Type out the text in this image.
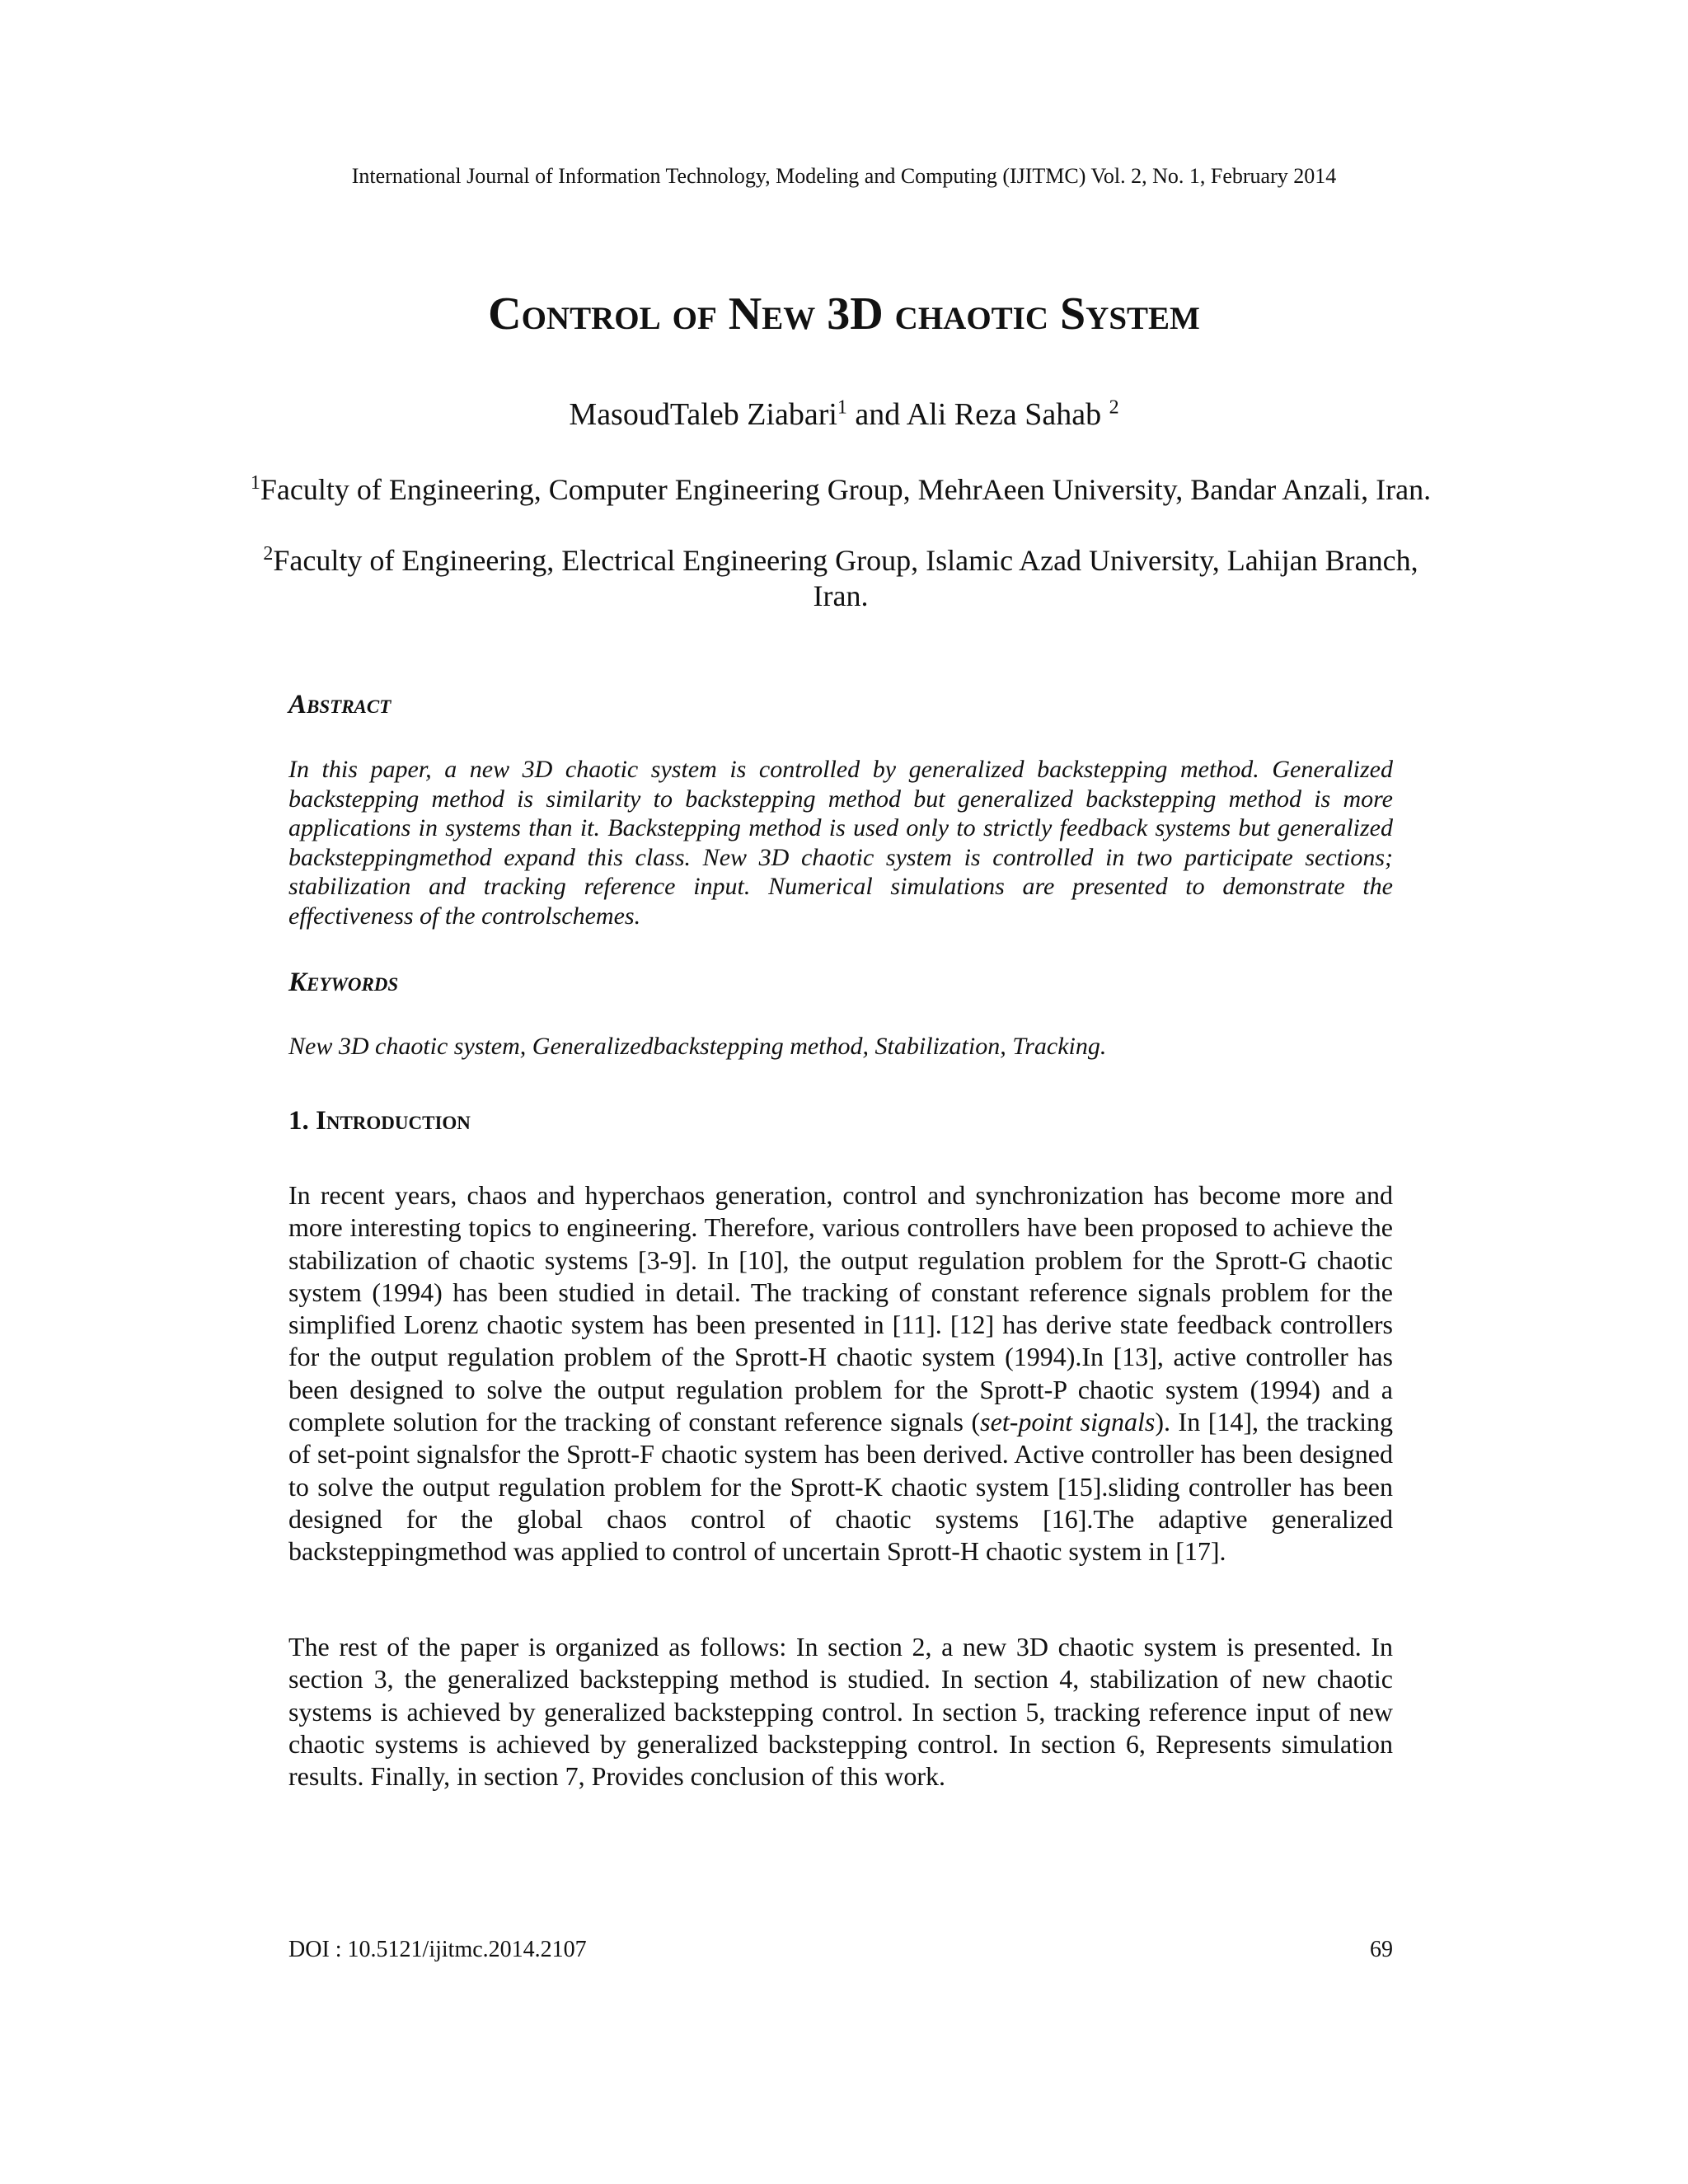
International Journal of Information Technology, Modeling and Computing (IJITMC) Vol. 2, No. 1, February 2014
Control of New 3D chaotic System
MasoudTaleb Ziabari$^1$ and Ali Reza Sahab $^2$
$^1$Faculty of Engineering, Computer Engineering Group, MehrAeen University, Bandar Anzali, Iran.
$^2$Faculty of Engineering, Electrical Engineering Group, Islamic Azad University, Lahijan Branch, Iran.
Abstract
In this paper, a new 3D chaotic system is controlled by generalized backstepping method. Generalized backstepping method is similarity to backstepping method but generalized backstepping method is more applications in systems than it. Backstepping method is used only to strictly feedback systems but generalized backsteppingmethod expand this class. New 3D chaotic system is controlled in two participate sections; stabilization and tracking reference input. Numerical simulations are presented to demonstrate the effectiveness of the controlschemes.
Keywords
New 3D chaotic system, Generalizedbackstepping method, Stabilization, Tracking.
1. Introduction
In recent years, chaos and hyperchaos generation, control and synchronization has become more and more interesting topics to engineering. Therefore, various controllers have been proposed to achieve the stabilization of chaotic systems [3-9]. In [10], the output regulation problem for the Sprott-G chaotic system (1994) has been studied in detail. The tracking of constant reference signals problem for the simplified Lorenz chaotic system has been presented in [11]. [12] has derive state feedback controllers for the output regulation problem of the Sprott-H chaotic system (1994).In [13], active controller has been designed to solve the output regulation problem for the Sprott-P chaotic system (1994) and a complete solution for the tracking of constant reference signals (set-point signals). In [14], the tracking of set-point signalsfor the Sprott-F chaotic system has been derived. Active controller has been designed to solve the output regulation problem for the Sprott-K chaotic system [15].sliding controller has been designed for the global chaos control of chaotic systems [16].The adaptive generalized backsteppingmethod was applied to control of uncertain Sprott-H chaotic system in [17].
The rest of the paper is organized as follows: In section 2, a new 3D chaotic system is presented. In section 3, the generalized backstepping method is studied. In section 4, stabilization of new chaotic systems is achieved by generalized backstepping control. In section 5, tracking reference input of new chaotic systems is achieved by generalized backstepping control. In section 6, Represents simulation results. Finally, in section 7, Provides conclusion of this work.
DOI : 10.5121/ijitmc.2014.2107	69
